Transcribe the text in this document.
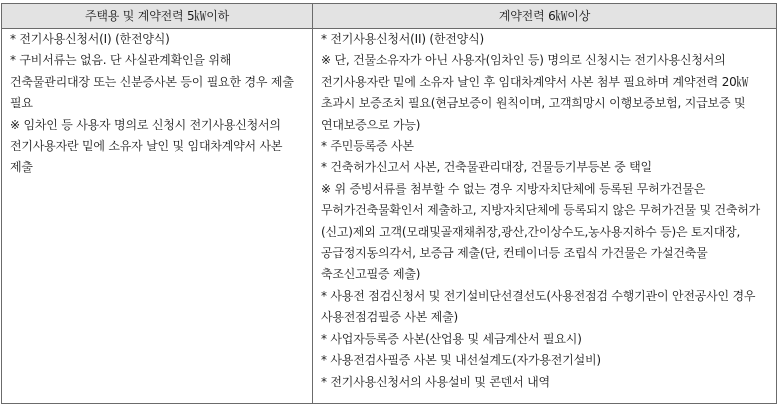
주택용 및 계약전력 5㎾이하	계약전력 6㎾이상

* 전기사용신청서(I) (한전양식)

* 구비서류는 없음. 단 사실관계확인을 위해 건축물관리대장 또는 신분증사본 등이 필요한 경우 제출 필요

※ 임차인 등 사용자 명의로 신청시 전기사용신청서의 전기사용자란 밑에 소유자 날인 및 임대차계약서 사본 제출

* 전기사용신청서(II) (한전양식)

※ 단, 건물소유자가 아닌 사용자(임차인 등) 명의로 신청시는 전기사용신청서의 전기사용자란 밑에 소유자 날인 후 임대차계약서 사본 첨부 필요하며 계약전력 20㎾초과시 보증조치 필요(현금보증이 원칙이며, 고객희망시 이행보증보험, 지급보증 및 연대보증으로 가능)

* 주민등록증 사본

* 건축허가신고서 사본, 건축물관리대장, 건물등기부등본 중 택일

※ 위 증빙서류를 첨부할 수 없는 경우 지방자치단체에 등록된 무허가건물은 무허가건축물확인서 제출하고, 지방자치단체에 등록되지 않은 무허가건물 및 건축허가(신고)제외 고객(모래및골재채취장,광산,간이상수도,농사용지하수 등)은 토지대장, 공급정지동의각서, 보증금 제출(단, 컨테이너등 조립식 가건물은 가설건축물 축조신고필증 제출)

* 사용전 점검신청서 및 전기설비단선결선도(사용전점검 수행기관이 안전공사인 경우 사용전점검필증 사본 제출)

* 사업자등록증 사본(산업용 및 세금계산서 필요시)

* 사용전검사필증 사본 및 내선설계도(자가용전기설비)

* 전기사용신청서의 사용설비 및 콘덴서 내역
